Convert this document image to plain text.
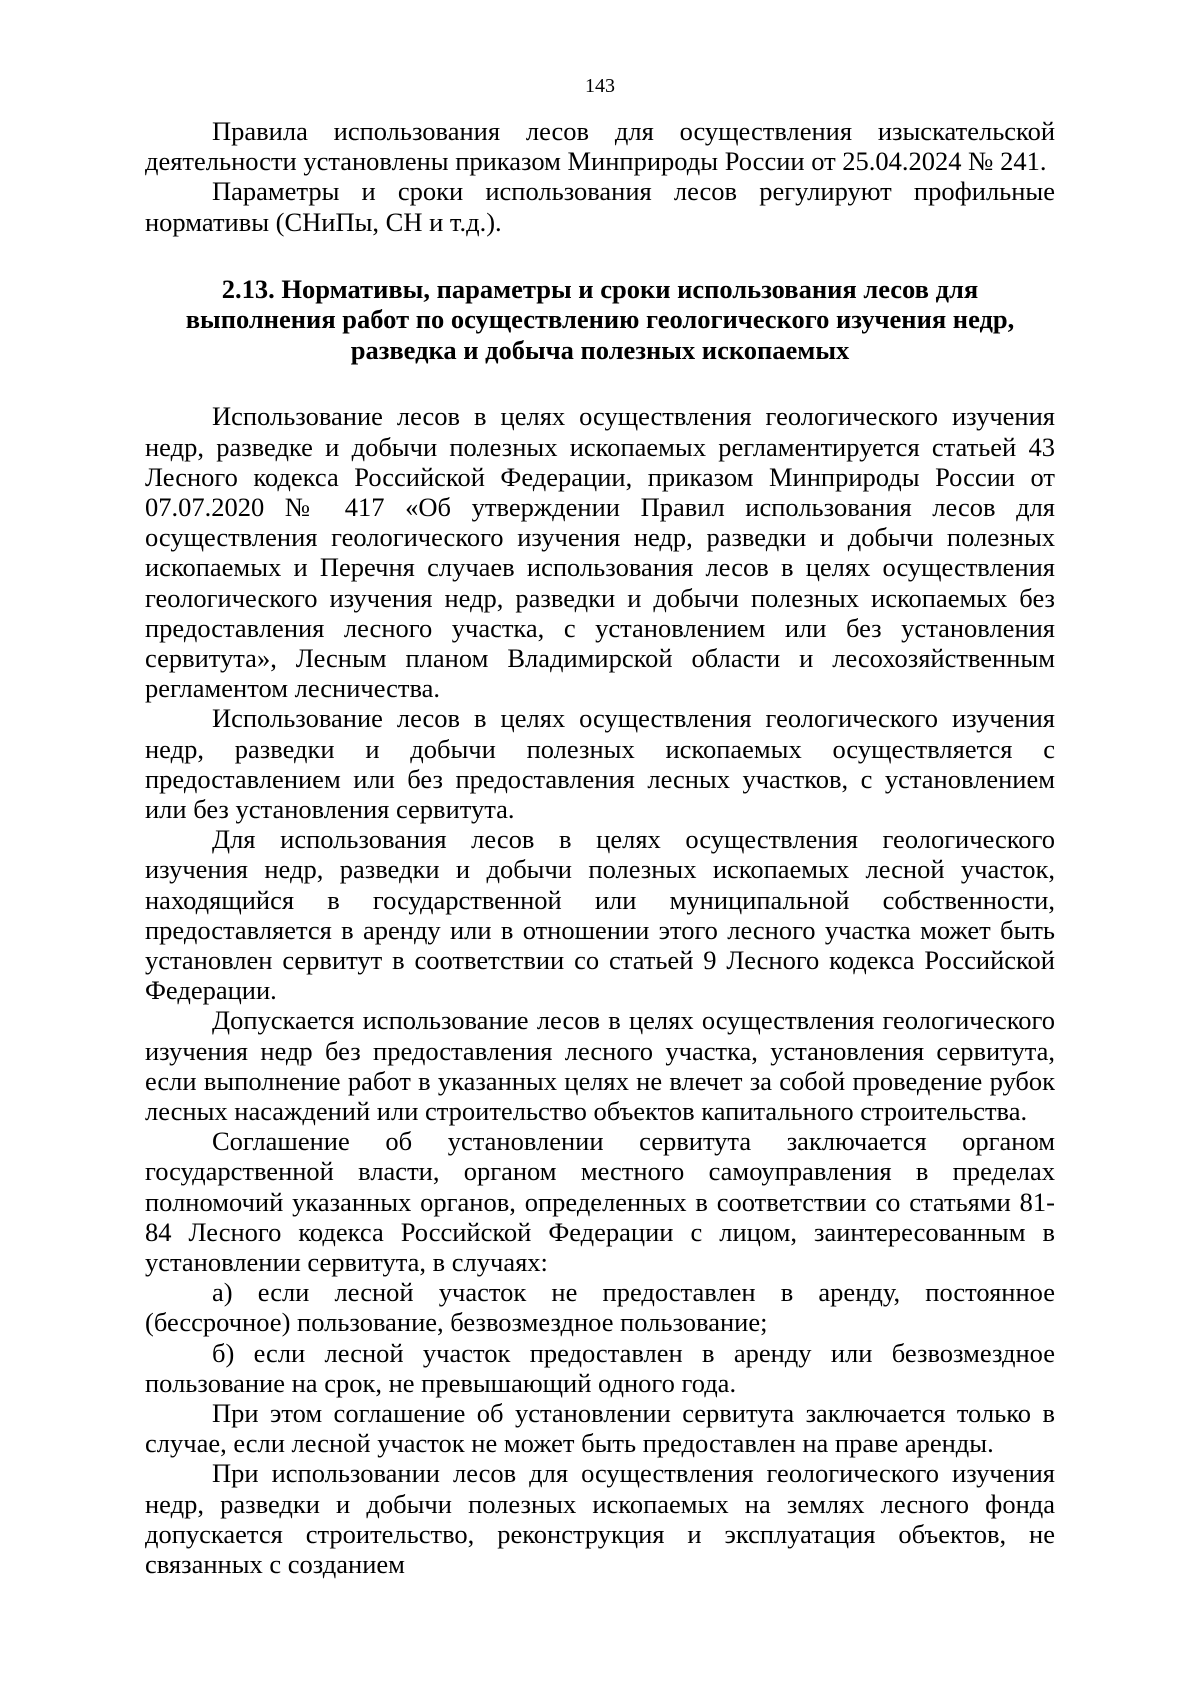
143

Правила использования лесов для осуществления изыскательской деятельности установлены приказом Минприроды России от 25.04.2024 № 241.

Параметры и сроки использования лесов регулируют профильные нормативы (СНиПы, СН и т.д.).

2.13. Нормативы, параметры и сроки использования лесов для выполнения работ по осуществлению геологического изучения недр, разведка и добыча полезных ископаемых

Использование лесов в целях осуществления геологического изучения недр, разведке и добычи полезных ископаемых регламентируется статьей 43 Лесного кодекса Российской Федерации, приказом Минприроды России от 07.07.2020 № 417 «Об утверждении Правил использования лесов для осуществления геологического изучения недр, разведки и добычи полезных ископаемых и Перечня случаев использования лесов в целях осуществления геологического изучения недр, разведки и добычи полезных ископаемых без предоставления лесного участка, с установлением или без установления сервитута», Лесным планом Владимирской области и лесохозяйственным регламентом лесничества.

Использование лесов в целях осуществления геологического изучения недр, разведки и добычи полезных ископаемых осуществляется с предоставлением или без предоставления лесных участков, с установлением или без установления сервитута.

Для использования лесов в целях осуществления геологического изучения недр, разведки и добычи полезных ископаемых лесной участок, находящийся в государственной или муниципальной собственности, предоставляется в аренду или в отношении этого лесного участка может быть установлен сервитут в соответствии со статьей 9 Лесного кодекса Российской Федерации.

Допускается использование лесов в целях осуществления геологического изучения недр без предоставления лесного участка, установления сервитута, если выполнение работ в указанных целях не влечет за собой проведение рубок лесных насаждений или строительство объектов капитального строительства.

Соглашение об установлении сервитута заключается органом государственной власти, органом местного самоуправления в пределах полномочий указанных органов, определенных в соответствии со статьями 81-84 Лесного кодекса Российской Федерации с лицом, заинтересованным в установлении сервитута, в случаях:

а) если лесной участок не предоставлен в аренду, постоянное (бессрочное) пользование, безвозмездное пользование;

б) если лесной участок предоставлен в аренду или безвозмездное пользование на срок, не превышающий одного года.

При этом соглашение об установлении сервитута заключается только в случае, если лесной участок не может быть предоставлен на праве аренды.

При использовании лесов для осуществления геологического изучения недр, разведки и добычи полезных ископаемых на землях лесного фонда допускается строительство, реконструкция и эксплуатация объектов, не связанных с созданием
